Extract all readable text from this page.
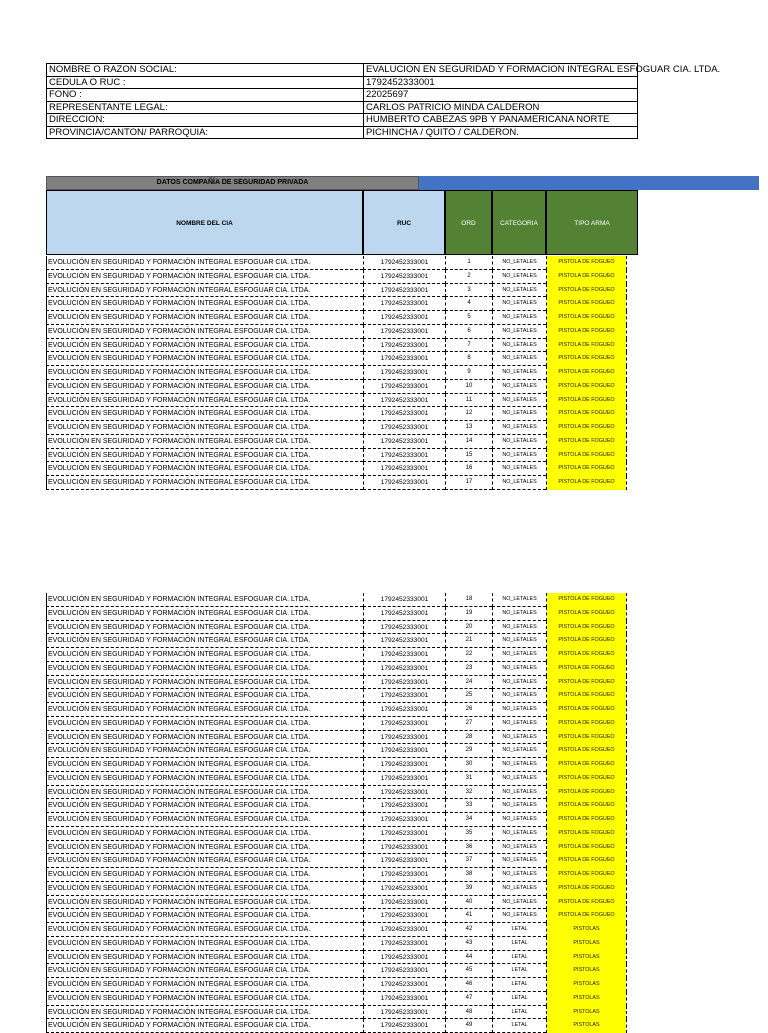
NOMBRE O RAZON SOCIAL:	EVALUCION EN SEGURIDAD Y FORMACION INTEGRAL ESFOGUAR CIA. LTDA.
CEDULA O RUC :	1792452333001
FONO :	22025697
REPRESENTANTE LEGAL:	CARLOS PATRICIO MINDA CALDERON
DIRECCION:	HUMBERTO CABEZAS 9PB Y PANAMERICANA NORTE
PROVINCIA/CANTON/ PARROQUIA:	PICHINCHA / QUITO / CALDERON.
DATOS COMPAÑÍA DE SEGURIDAD PRIVADA
NOMBRE DEL CIA	RUC	ORD	CATEGORIA	TIPO ARMA
EVOLUCIÓN EN SEGURIDAD Y FORMACIÓN INTEGRAL ESFOGUAR CIA. LTDA.	1792452333001	1	NO_LETALES	PISTOLA DE FOGUEO
EVOLUCIÓN EN SEGURIDAD Y FORMACIÓN INTEGRAL ESFOGUAR CIA. LTDA.	1792452333001	2	NO_LETALES	PISTOLA DE FOGUEO
EVOLUCIÓN EN SEGURIDAD Y FORMACIÓN INTEGRAL ESFOGUAR CIA. LTDA.	1792452333001	3	NO_LETALES	PISTOLA DE FOGUEO
EVOLUCIÓN EN SEGURIDAD Y FORMACIÓN INTEGRAL ESFOGUAR CIA. LTDA.	1792452333001	4	NO_LETALES	PISTOLA DE FOGUEO
EVOLUCIÓN EN SEGURIDAD Y FORMACIÓN INTEGRAL ESFOGUAR CIA. LTDA.	1792452333001	5	NO_LETALES	PISTOLA DE FOGUEO
EVOLUCIÓN EN SEGURIDAD Y FORMACIÓN INTEGRAL ESFOGUAR CIA. LTDA.	1792452333001	6	NO_LETALES	PISTOLA DE FOGUEO
EVOLUCIÓN EN SEGURIDAD Y FORMACIÓN INTEGRAL ESFOGUAR CIA. LTDA.	1792452333001	7	NO_LETALES	PISTOLA DE FOGUEO
EVOLUCIÓN EN SEGURIDAD Y FORMACIÓN INTEGRAL ESFOGUAR CIA. LTDA.	1792452333001	8	NO_LETALES	PISTOLA DE FOGUEO
EVOLUCIÓN EN SEGURIDAD Y FORMACIÓN INTEGRAL ESFOGUAR CIA. LTDA.	1792452333001	9	NO_LETALES	PISTOLA DE FOGUEO
EVOLUCIÓN EN SEGURIDAD Y FORMACIÓN INTEGRAL ESFOGUAR CIA. LTDA.	1792452333001	10	NO_LETALES	PISTOLA DE FOGUEO
EVOLUCIÓN EN SEGURIDAD Y FORMACIÓN INTEGRAL ESFOGUAR CIA. LTDA.	1792452333001	11	NO_LETALES	PISTOLA DE FOGUEO
EVOLUCIÓN EN SEGURIDAD Y FORMACIÓN INTEGRAL ESFOGUAR CIA. LTDA.	1792452333001	12	NO_LETALES	PISTOLA DE FOGUEO
EVOLUCIÓN EN SEGURIDAD Y FORMACIÓN INTEGRAL ESFOGUAR CIA. LTDA.	1792452333001	13	NO_LETALES	PISTOLA DE FOGUEO
EVOLUCIÓN EN SEGURIDAD Y FORMACIÓN INTEGRAL ESFOGUAR CIA. LTDA.	1792452333001	14	NO_LETALES	PISTOLA DE FOGUEO
EVOLUCIÓN EN SEGURIDAD Y FORMACIÓN INTEGRAL ESFOGUAR CIA. LTDA.	1792452333001	15	NO_LETALES	PISTOLA DE FOGUEO
EVOLUCIÓN EN SEGURIDAD Y FORMACIÓN INTEGRAL ESFOGUAR CIA. LTDA.	1792452333001	16	NO_LETALES	PISTOLA DE FOGUEO
EVOLUCIÓN EN SEGURIDAD Y FORMACIÓN INTEGRAL ESFOGUAR CIA. LTDA.	1792452333001	17	NO_LETALES	PISTOLA DE FOGUEO
EVOLUCIÓN EN SEGURIDAD Y FORMACIÓN INTEGRAL ESFOGUAR CIA. LTDA.	1792452333001	18	NO_LETALES	PISTOLA DE FOGUEO
EVOLUCIÓN EN SEGURIDAD Y FORMACIÓN INTEGRAL ESFOGUAR CIA. LTDA.	1792452333001	19	NO_LETALES	PISTOLA DE FOGUEO
EVOLUCIÓN EN SEGURIDAD Y FORMACIÓN INTEGRAL ESFOGUAR CIA. LTDA.	1792452333001	20	NO_LETALES	PISTOLA DE FOGUEO
EVOLUCIÓN EN SEGURIDAD Y FORMACIÓN INTEGRAL ESFOGUAR CIA. LTDA.	1792452333001	21	NO_LETALES	PISTOLA DE FOGUEO
EVOLUCIÓN EN SEGURIDAD Y FORMACIÓN INTEGRAL ESFOGUAR CIA. LTDA.	1792452333001	22	NO_LETALES	PISTOLA DE FOGUEO
EVOLUCIÓN EN SEGURIDAD Y FORMACIÓN INTEGRAL ESFOGUAR CIA. LTDA.	1792452333001	23	NO_LETALES	PISTOLA DE FOGUEO
EVOLUCIÓN EN SEGURIDAD Y FORMACIÓN INTEGRAL ESFOGUAR CIA. LTDA.	1792452333001	24	NO_LETALES	PISTOLA DE FOGUEO
EVOLUCIÓN EN SEGURIDAD Y FORMACIÓN INTEGRAL ESFOGUAR CIA. LTDA.	1792452333001	25	NO_LETALES	PISTOLA DE FOGUEO
EVOLUCIÓN EN SEGURIDAD Y FORMACIÓN INTEGRAL ESFOGUAR CIA. LTDA.	1792452333001	26	NO_LETALES	PISTOLA DE FOGUEO
EVOLUCIÓN EN SEGURIDAD Y FORMACIÓN INTEGRAL ESFOGUAR CIA. LTDA.	1792452333001	27	NO_LETALES	PISTOLA DE FOGUEO
EVOLUCIÓN EN SEGURIDAD Y FORMACIÓN INTEGRAL ESFOGUAR CIA. LTDA.	1792452333001	28	NO_LETALES	PISTOLA DE FOGUEO
EVOLUCIÓN EN SEGURIDAD Y FORMACIÓN INTEGRAL ESFOGUAR CIA. LTDA.	1792452333001	29	NO_LETALES	PISTOLA DE FOGUEO
EVOLUCIÓN EN SEGURIDAD Y FORMACIÓN INTEGRAL ESFOGUAR CIA. LTDA.	1792452333001	30	NO_LETALES	PISTOLA DE FOGUEO
EVOLUCIÓN EN SEGURIDAD Y FORMACIÓN INTEGRAL ESFOGUAR CIA. LTDA.	1792452333001	31	NO_LETALES	PISTOLA DE FOGUEO
EVOLUCIÓN EN SEGURIDAD Y FORMACIÓN INTEGRAL ESFOGUAR CIA. LTDA.	1792452333001	32	NO_LETALES	PISTOLA DE FOGUEO
EVOLUCIÓN EN SEGURIDAD Y FORMACIÓN INTEGRAL ESFOGUAR CIA. LTDA.	1792452333001	33	NO_LETALES	PISTOLA DE FOGUEO
EVOLUCIÓN EN SEGURIDAD Y FORMACIÓN INTEGRAL ESFOGUAR CIA. LTDA.	1792452333001	34	NO_LETALES	PISTOLA DE FOGUEO
EVOLUCIÓN EN SEGURIDAD Y FORMACIÓN INTEGRAL ESFOGUAR CIA. LTDA.	1792452333001	35	NO_LETALES	PISTOLA DE FOGUEO
EVOLUCIÓN EN SEGURIDAD Y FORMACIÓN INTEGRAL ESFOGUAR CIA. LTDA.	1792452333001	36	NO_LETALES	PISTOLA DE FOGUEO
EVOLUCIÓN EN SEGURIDAD Y FORMACIÓN INTEGRAL ESFOGUAR CIA. LTDA.	1792452333001	37	NO_LETALES	PISTOLA DE FOGUEO
EVOLUCIÓN EN SEGURIDAD Y FORMACIÓN INTEGRAL ESFOGUAR CIA. LTDA.	1792452333001	38	NO_LETALES	PISTOLA DE FOGUEO
EVOLUCIÓN EN SEGURIDAD Y FORMACIÓN INTEGRAL ESFOGUAR CIA. LTDA.	1792452333001	39	NO_LETALES	PISTOLA DE FOGUEO
EVOLUCIÓN EN SEGURIDAD Y FORMACIÓN INTEGRAL ESFOGUAR CIA. LTDA.	1792452333001	40	NO_LETALES	PISTOLA DE FOGUEO
EVOLUCIÓN EN SEGURIDAD Y FORMACIÓN INTEGRAL ESFOGUAR CIA. LTDA.	1792452333001	41	NO_LETALES	PISTOLA DE FOGUEO
EVOLUCIÓN EN SEGURIDAD Y FORMACIÓN INTEGRAL ESFOGUAR CIA. LTDA.	1792452333001	42	LETAL	PISTOLAS
EVOLUCIÓN EN SEGURIDAD Y FORMACIÓN INTEGRAL ESFOGUAR CIA. LTDA.	1792452333001	43	LETAL	PISTOLAS
EVOLUCIÓN EN SEGURIDAD Y FORMACIÓN INTEGRAL ESFOGUAR CIA. LTDA.	1792452333001	44	LETAL	PISTOLAS
EVOLUCIÓN EN SEGURIDAD Y FORMACIÓN INTEGRAL ESFOGUAR CIA. LTDA.	1792452333001	45	LETAL	PISTOLAS
EVOLUCIÓN EN SEGURIDAD Y FORMACIÓN INTEGRAL ESFOGUAR CIA. LTDA.	1792452333001	46	LETAL	PISTOLAS
EVOLUCIÓN EN SEGURIDAD Y FORMACIÓN INTEGRAL ESFOGUAR CIA. LTDA.	1792452333001	47	LETAL	PISTOLAS
EVOLUCIÓN EN SEGURIDAD Y FORMACIÓN INTEGRAL ESFOGUAR CIA. LTDA.	1792452333001	48	LETAL	PISTOLAS
EVOLUCIÓN EN SEGURIDAD Y FORMACIÓN INTEGRAL ESFOGUAR CIA. LTDA.	1792452333001	49	LETAL	PISTOLAS
